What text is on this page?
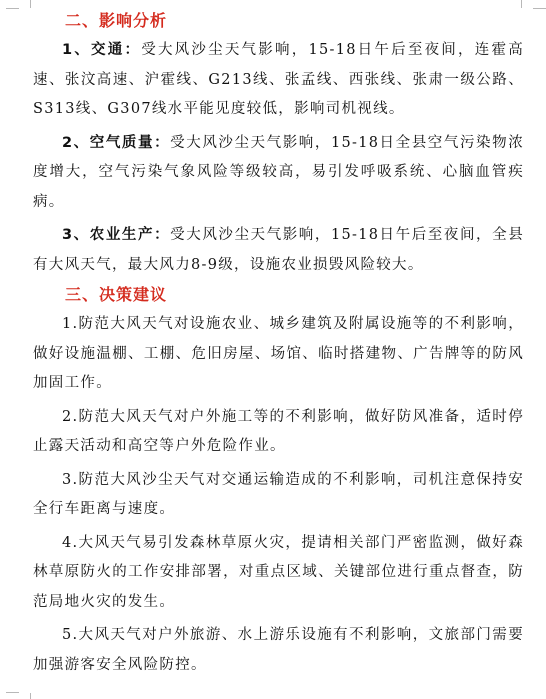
二、影响分析

1、交通：受大风沙尘天气影响，15-18日午后至夜间，连霍高速、张汶高速、沪霍线、G213线、张孟线、西张线、张肃一级公路、S313线、G307线水平能见度较低，影响司机视线。

2、空气质量：受大风沙尘天气影响，15-18日全县空气污染物浓度增大，空气污染气象风险等级较高，易引发呼吸系统、心脑血管疾病。

3、农业生产：受大风沙尘天气影响，15-18日午后至夜间，全县有大风天气，最大风力8-9级，设施农业损毁风险较大。

三、决策建议

1.防范大风天气对设施农业、城乡建筑及附属设施等的不利影响，做好设施温棚、工棚、危旧房屋、场馆、临时搭建物、广告牌等的防风加固工作。

2.防范大风天气对户外施工等的不利影响，做好防风准备，适时停止露天活动和高空等户外危险作业。

3.防范大风沙尘天气对交通运输造成的不利影响，司机注意保持安全行车距离与速度。

4.大风天气易引发森林草原火灾，提请相关部门严密监测，做好森林草原防火的工作安排部署，对重点区域、关键部位进行重点督查，防范局地火灾的发生。

5.大风天气对户外旅游、水上游乐设施有不利影响，文旅部门需要加强游客安全风险防控。
